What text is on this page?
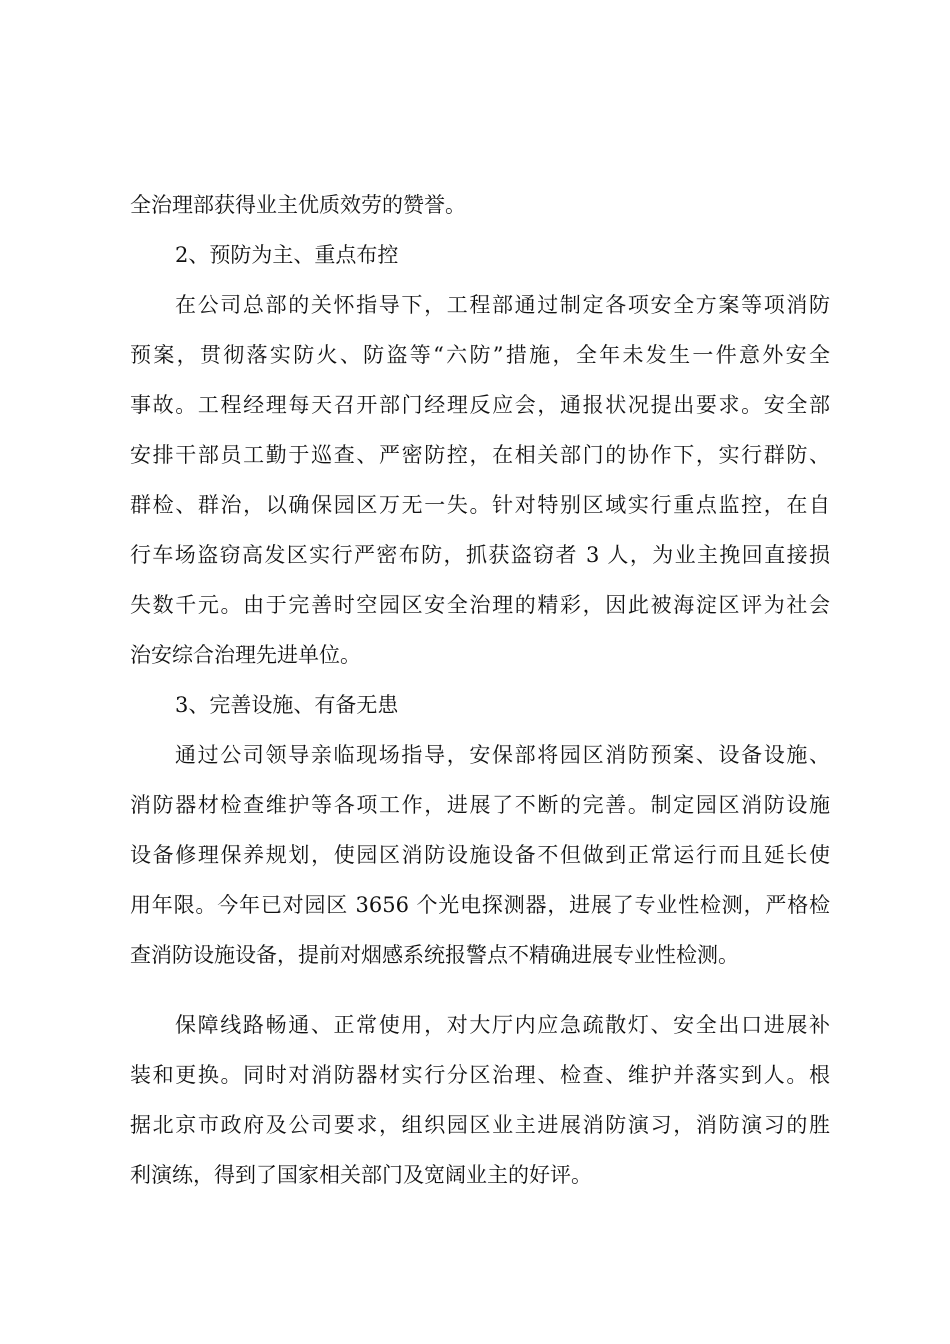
全治理部获得业主优质效劳的赞誉。
2、预防为主、重点布控
在公司总部的关怀指导下，工程部通过制定各项安全方案等项消防
预案，贯彻落实防火、防盗等“六防”措施，全年未发生一件意外安全
事故。工程经理每天召开部门经理反应会，通报状况提出要求。安全部
安排干部员工勤于巡查、严密防控，在相关部门的协作下，实行群防、
群检、群治，以确保园区万无一失。针对特别区域实行重点监控，在自
行车场盗窃高发区实行严密布防，抓获盗窃者 3 人，为业主挽回直接损
失数千元。由于完善时空园区安全治理的精彩，因此被海淀区评为社会
治安综合治理先进单位。
3、完善设施、有备无患
通过公司领导亲临现场指导，安保部将园区消防预案、设备设施、
消防器材检查维护等各项工作，进展了不断的完善。制定园区消防设施
设备修理保养规划，使园区消防设施设备不但做到正常运行而且延长使
用年限。今年已对园区 3656 个光电探测器，进展了专业性检测，严格检
查消防设施设备，提前对烟感系统报警点不精确进展专业性检测。
保障线路畅通、正常使用，对大厅内应急疏散灯、安全出口进展补
装和更换。同时对消防器材实行分区治理、检查、维护并落实到人。根
据北京市政府及公司要求，组织园区业主进展消防演习，消防演习的胜
利演练，得到了国家相关部门及宽阔业主的好评。
